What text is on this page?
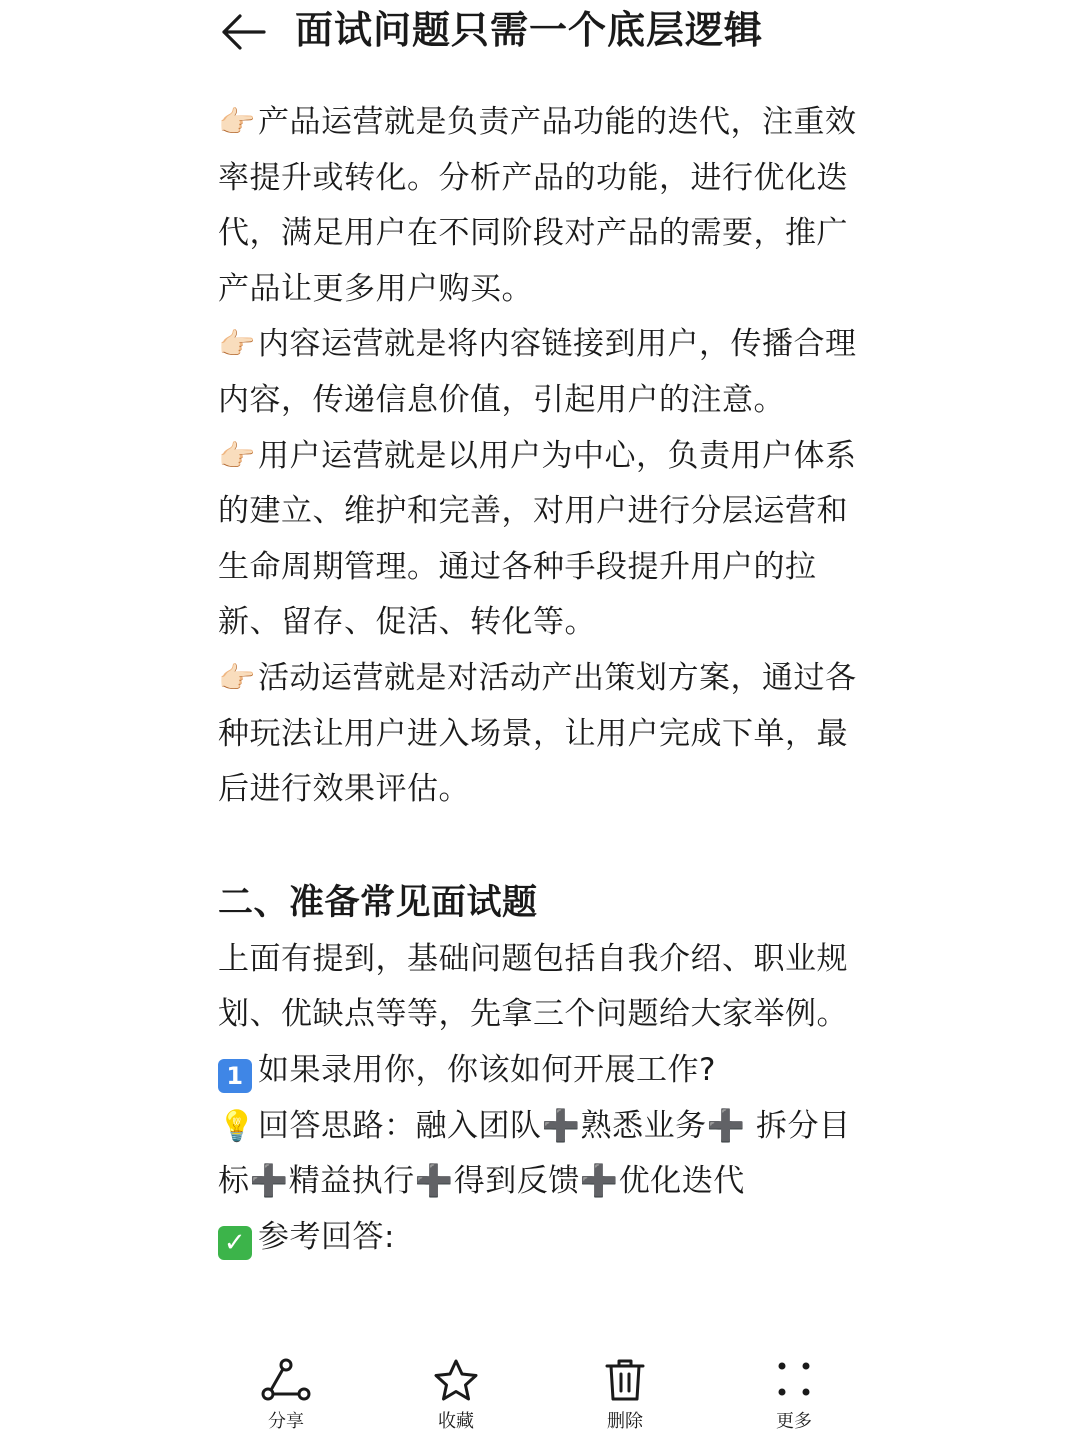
面试问题只需一个底层逻辑

👉🏻产品运营就是负责产品功能的迭代，注重效率提升或转化。分析产品的功能，进行优化迭代，满足用户在不同阶段对产品的需要，推广产品让更多用户购买。

👉🏻内容运营就是将内容链接到用户，传播合理内容，传递信息价值，引起用户的注意。

👉🏻用户运营就是以用户为中心，负责用户体系的建立、维护和完善，对用户进行分层运营和生命周期管理。通过各种手段提升用户的拉新、留存、促活、转化等。

👉🏻活动运营就是对活动产出策划方案，通过各种玩法让用户进入场景，让用户完成下单，最后进行效果评估。

二、准备常见面试题

上面有提到，基础问题包括自我介绍、职业规划、优缺点等等，先拿三个问题给大家举例。

1 如果录用你，你该如何开展工作?

💡回答思路：融入团队➕熟悉业务➕ 拆分目标➕精益执行➕得到反馈➕优化迭代

✓ 参考回答:

分享	收藏	删除	更多
